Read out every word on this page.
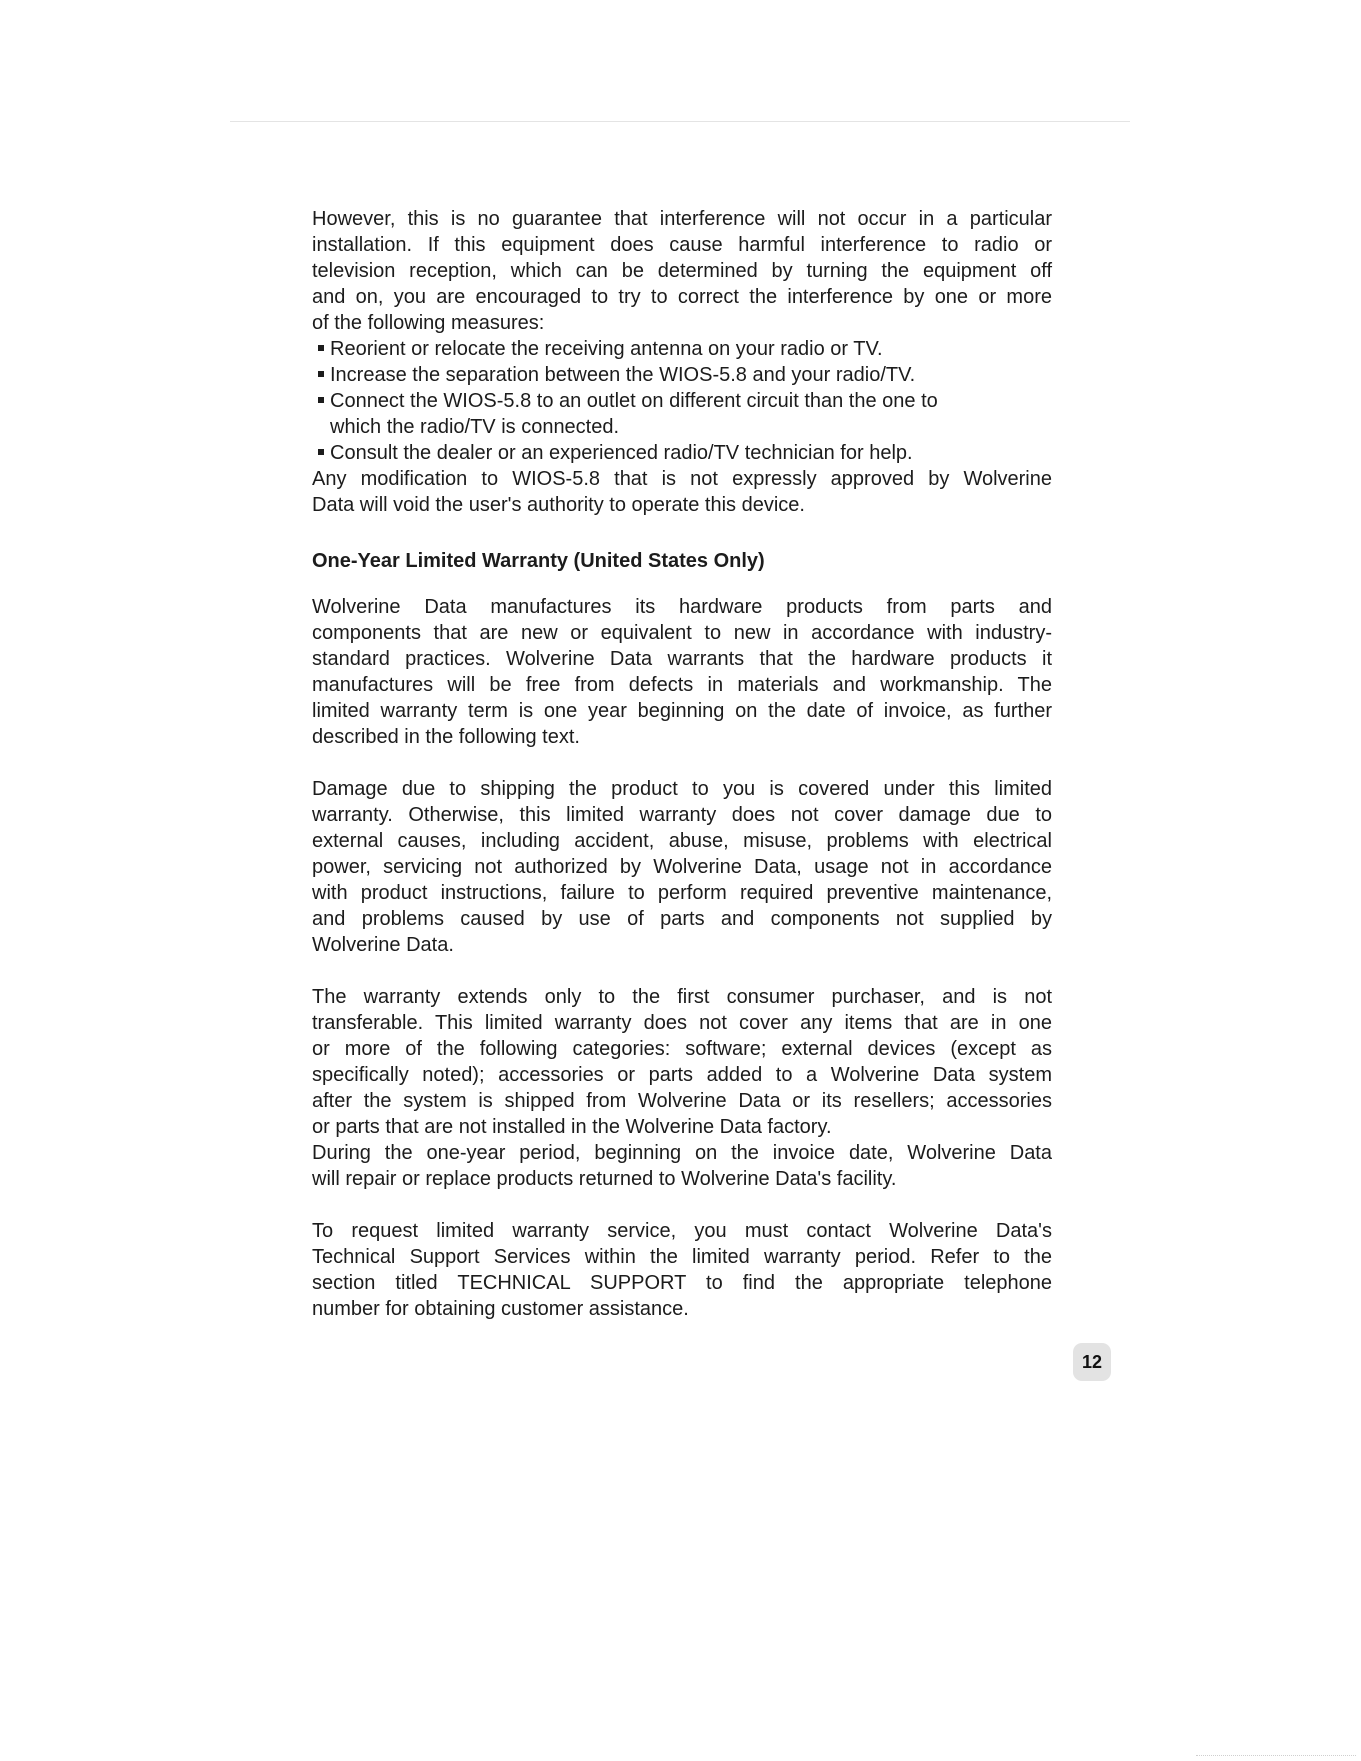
However, this is no guarantee that interference will not occur in a particular
installation. If this equipment does cause harmful interference to radio or
television reception, which can be determined by turning the equipment off
and on, you are encouraged to try to correct the interference by one or more
of the following measures:
Reorient or relocate the receiving antenna on your radio or TV.
Increase the separation between the WIOS-5.8 and your radio/TV.
Connect the WIOS-5.8 to an outlet on different circuit than the one to
which the radio/TV is connected.
Consult the dealer or an experienced radio/TV technician for help.
Any modification to WIOS-5.8 that is not expressly approved by Wolverine
Data will void the user's authority to operate this device.
One-Year Limited Warranty (United States Only)
Wolverine Data manufactures its hardware products from parts and
components that are new or equivalent to new in accordance with industry-
standard practices. Wolverine Data warrants that the hardware products it
manufactures will be free from defects in materials and workmanship. The
limited warranty term is one year beginning on the date of invoice, as further
described in the following text.
Damage due to shipping the product to you is covered under this limited
warranty. Otherwise, this limited warranty does not cover damage due to
external causes, including accident, abuse, misuse, problems with electrical
power, servicing not authorized by Wolverine Data, usage not in accordance
with product instructions, failure to perform required preventive maintenance,
and problems caused by use of parts and components not supplied by
Wolverine Data.
The warranty extends only to the first consumer purchaser, and is not
transferable. This limited warranty does not cover any items that are in one
or more of the following categories: software; external devices (except as
specifically noted); accessories or parts added to a Wolverine Data system
after the system is shipped from Wolverine Data or its resellers; accessories
or parts that are not installed in the Wolverine Data factory.
During the one-year period, beginning on the invoice date, Wolverine Data
will repair or replace products returned to Wolverine Data's facility.
To request limited warranty service, you must contact Wolverine Data's
Technical Support Services within the limited warranty period. Refer to the
section titled TECHNICAL SUPPORT to find the appropriate telephone
number for obtaining customer assistance.
12
